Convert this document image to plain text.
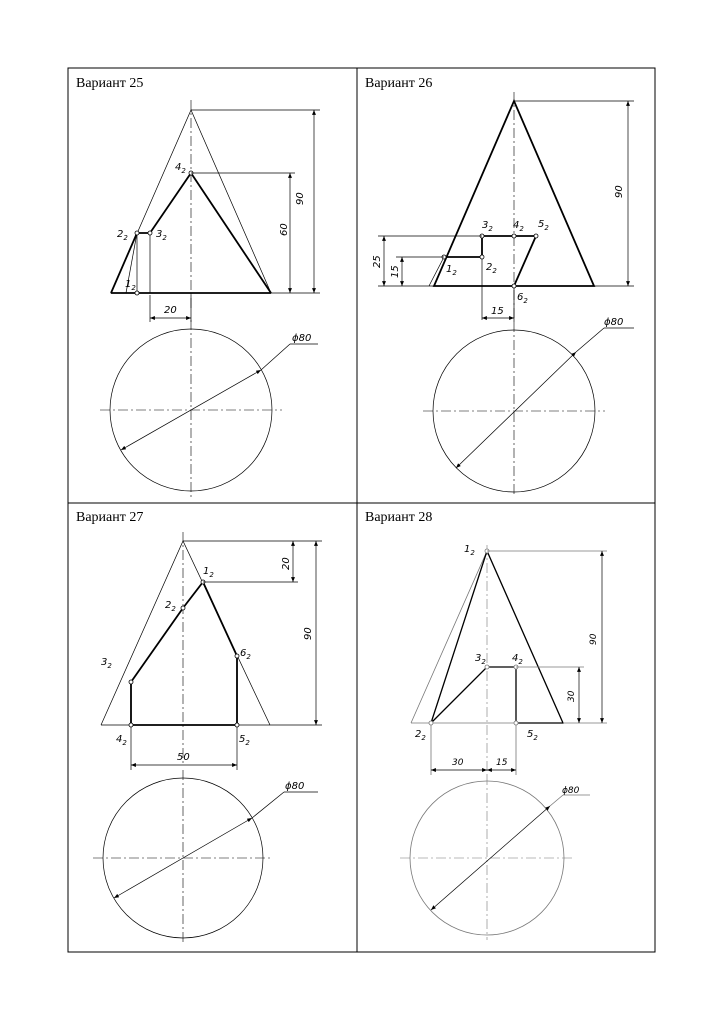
Вариант 25
$4_2$
$2_2$	$3_2$
$1_2$
90
60
20
ϕ80
Вариант 26
$1_2$	$2_2$
$3_2$ $4_2$ $5_2$
$6_2$
90
25
15
15
ϕ80
Вариант 27
$1_2$
$2_2$
$3_2$
$4_2$	$5_2$
$6_2$
20
90
50
ϕ80
Вариант 28
$1_2$
$2_2$
$3_2$	$4_2$
$5_2$
90
30
30	15
ϕ80
